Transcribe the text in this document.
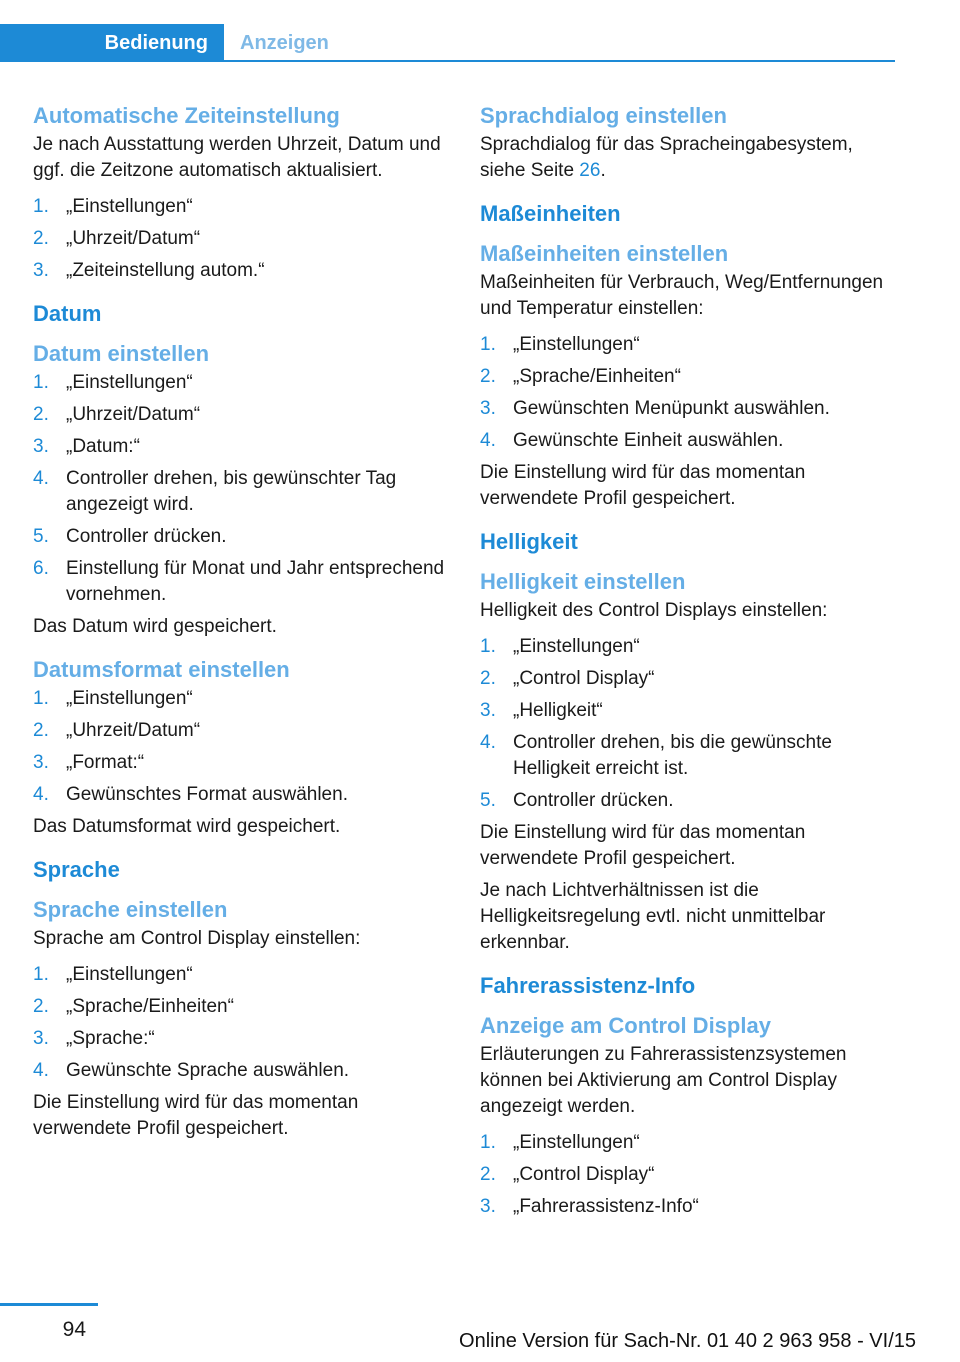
Bedienung	Anzeigen
Automatische Zeiteinstellung

Je nach Ausstattung werden Uhrzeit, Datum und ggf. die Zeitzone automatisch aktualisiert.

1. „Einstellungen“
2. „Uhrzeit/Datum“
3. „Zeiteinstellung autom.“
Datum
Datum einstellen
1. „Einstellungen“
2. „Uhrzeit/Datum“
3. „Datum:“
4. Controller drehen, bis gewünschter Tag angezeigt wird.
5. Controller drücken.
6. Einstellung für Monat und Jahr entsprechend vornehmen.

Das Datum wird gespeichert.

Datumsformat einstellen
1. „Einstellungen“
2. „Uhrzeit/Datum“
3. „Format:“
4. Gewünschtes Format auswählen.

Das Datumsformat wird gespeichert.

Sprache
Sprache einstellen

Sprache am Control Display einstellen:

1. „Einstellungen“
2. „Sprache/Einheiten“
3. „Sprache:“
4. Gewünschte Sprache auswählen.

Die Einstellung wird für das momentan verwendete Profil gespeichert.

Sprachdialog einstellen

Sprachdialog für das Spracheingabesystem, siehe Seite 26.

Maßeinheiten
Maßeinheiten einstellen

Maßeinheiten für Verbrauch, Weg/Entfernungen und Temperatur einstellen:

1. „Einstellungen“
2. „Sprache/Einheiten“
3. Gewünschten Menüpunkt auswählen.
4. Gewünschte Einheit auswählen.

Die Einstellung wird für das momentan verwendete Profil gespeichert.

Helligkeit
Helligkeit einstellen

Helligkeit des Control Displays einstellen:

1. „Einstellungen“
2. „Control Display“
3. „Helligkeit“
4. Controller drehen, bis die gewünschte Helligkeit erreicht ist.
5. Controller drücken.

Die Einstellung wird für das momentan verwendete Profil gespeichert.

Je nach Lichtverhältnissen ist die Helligkeitsregelung evtl. nicht unmittelbar erkennbar.

Fahrerassistenz-Info
Anzeige am Control Display

Erläuterungen zu Fahrerassistenzsystemen können bei Aktivierung am Control Display angezeigt werden.

1. „Einstellungen“
2. „Control Display“
3. „Fahrerassistenz-Info“
94	Online Version für Sach-Nr. 01 40 2 963 958 - VI/15
